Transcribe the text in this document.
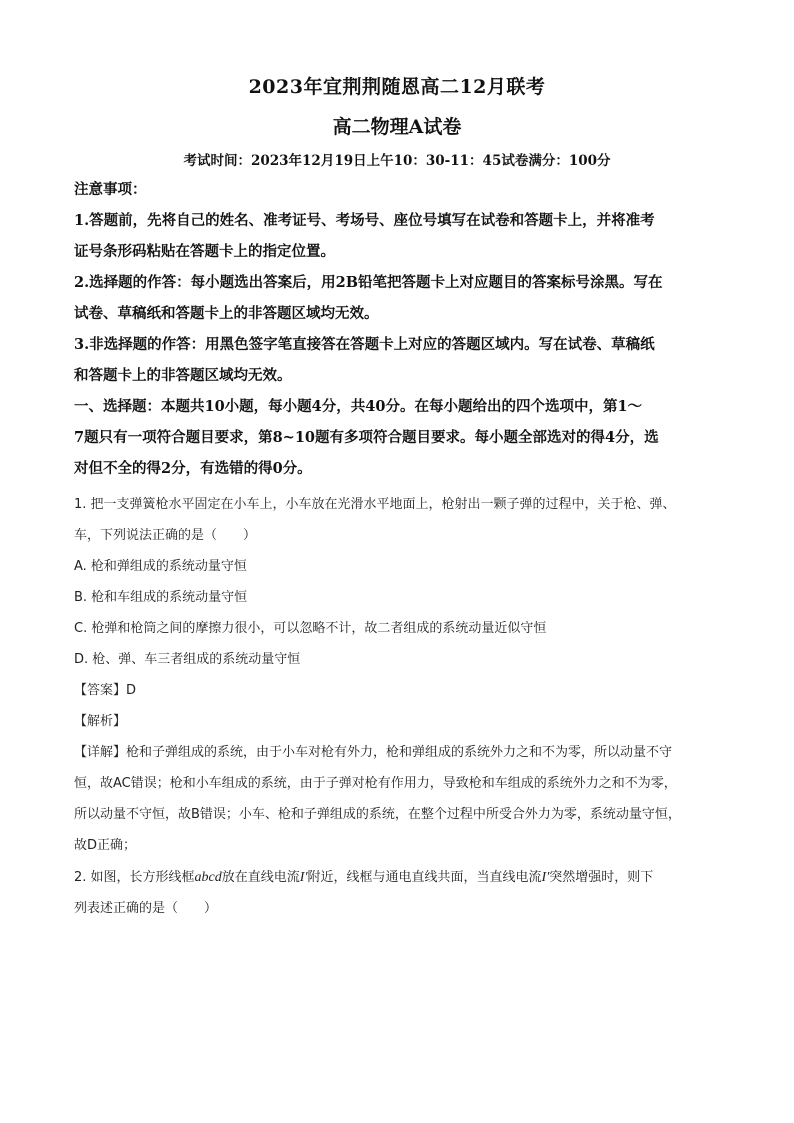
2023年宜荆荆随恩高二12月联考
高二物理A试卷
考试时间：2023年12月19日上午10：30-11：45试卷满分：100分
注意事项：
1.答题前，先将自己的姓名、准考证号、考场号、座位号填写在试卷和答题卡上，并将准考
证号条形码粘贴在答题卡上的指定位置。
2.选择题的作答：每小题选出答案后，用2B铅笔把答题卡上对应题目的答案标号涂黑。写在
试卷、草稿纸和答题卡上的非答题区域均无效。
3.非选择题的作答：用黑色签字笔直接答在答题卡上对应的答题区域内。写在试卷、草稿纸
和答题卡上的非答题区域均无效。
一、选择题：本题共10小题，每小题4分，共40分。在每小题给出的四个选项中，第1～
7题只有一项符合题目要求，第8~10题有多项符合题目要求。每小题全部选对的得4分，选
对但不全的得2分，有选错的得0分。
1. 把一支弹簧枪水平固定在小车上，小车放在光滑水平地面上，枪射出一颗子弹的过程中，关于枪、弹、
车，下列说法正确的是（　　）
A. 枪和弹组成的系统动量守恒
B. 枪和车组成的系统动量守恒
C. 枪弹和枪筒之间的摩擦力很小，可以忽略不计，故二者组成的系统动量近似守恒
D. 枪、弹、车三者组成的系统动量守恒
【答案】D
【解析】
【详解】枪和子弹组成的系统，由于小车对枪有外力，枪和弹组成的系统外力之和不为零，所以动量不守
恒，故AC错误；枪和小车组成的系统，由于子弹对枪有作用力，导致枪和车组成的系统外力之和不为零，
所以动量不守恒，故B错误；小车、枪和子弹组成的系统，在整个过程中所受合外力为零，系统动量守恒，
故D正确；
2. 如图，长方形线框abcd放在直线电流I′附近，线框与通电直线共面，当直线电流I′突然增强时，则下
列表述正确的是（　　）
